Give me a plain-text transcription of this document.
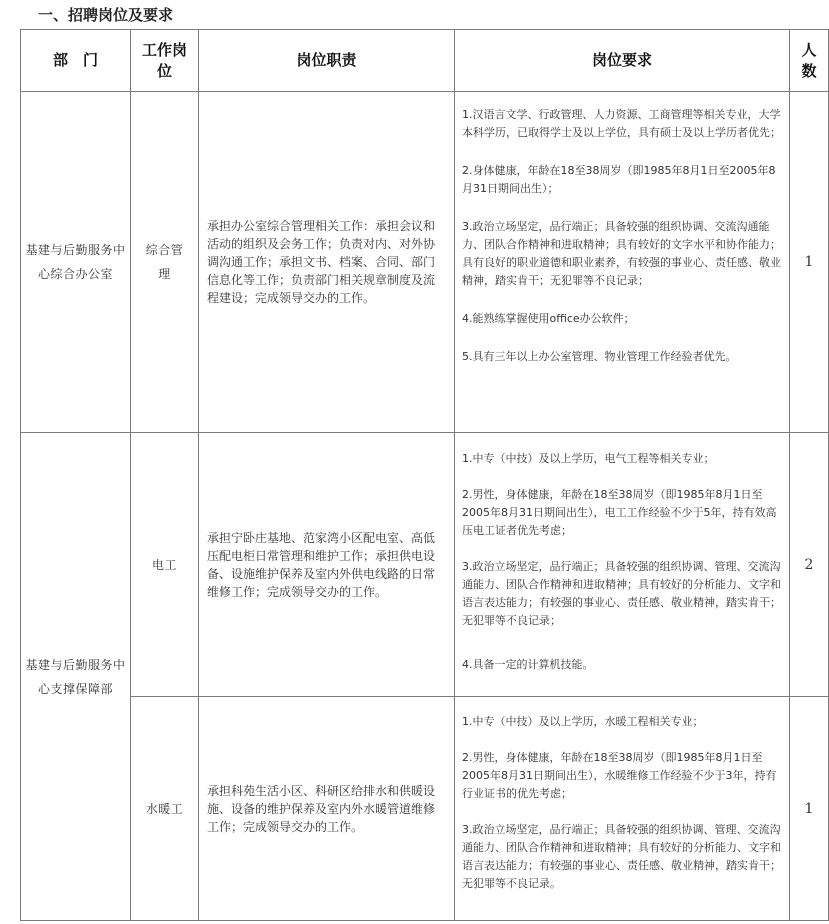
一、招聘岗位及要求
部　门	工作岗位	岗位职责	岗位要求	人数
基建与后勤服务中心综合办公室	综合管理	承担办公室综合管理相关工作：承担会议和活动的组织及会务工作；负责对内、对外协调沟通工作；承担文书、档案、合同、部门信息化等工作；负责部门相关规章制度及流程建设；完成领导交办的工作。	1.汉语言文学、行政管理、人力资源、工商管理等相关专业，大学本科学历，已取得学士及以上学位，具有硕士及以上学历者优先；

2.身体健康，年龄在18至38周岁（即1985年8月1日至2005年8月31日期间出生）；

3.政治立场坚定，品行端正；具备较强的组织协调、交流沟通能力、团队合作精神和进取精神；具有较好的文字水平和协作能力；具有良好的职业道德和职业素养，有较强的事业心、责任感、敬业精神，踏实肯干；无犯罪等不良记录；

4.能熟练掌握使用office办公软件；

5.具有三年以上办公室管理、物业管理工作经验者优先。	1
基建与后勤服务中心支撑保障部	电工	承担宁卧庄基地、范家湾小区配电室、高低压配电柜日常管理和维护工作；承担供电设备、设施维护保养及室内外供电线路的日常维修工作；完成领导交办的工作。	1.中专（中技）及以上学历，电气工程等相关专业；

2.男性，身体健康，年龄在18至38周岁（即1985年8月1日至2005年8月31日期间出生），电工工作经验不少于5年，持有效高压电工证者优先考虑；

3.政治立场坚定，品行端正；具备较强的组织协调、管理、交流沟通能力、团队合作精神和进取精神；具有较好的分析能力、文字和语言表达能力；有较强的事业心、责任感、敬业精神，踏实肯干；无犯罪等不良记录；

4.具备一定的计算机技能。	2
	水暖工	承担科苑生活小区、科研区给排水和供暖设施、设备的维护保养及室内外水暖管道维修工作；完成领导交办的工作。	1.中专（中技）及以上学历，水暖工程相关专业；

2.男性，身体健康，年龄在18至38周岁（即1985年8月1日至2005年8月31日期间出生），水暖维修工作经验不少于3年，持有行业证书的优先考虑；

3.政治立场坚定，品行端正；具备较强的组织协调、管理、交流沟通能力、团队合作精神和进取精神；具有较好的分析能力、文字和语言表达能力；有较强的事业心、责任感、敬业精神，踏实肯干；无犯罪等不良记录。	1
